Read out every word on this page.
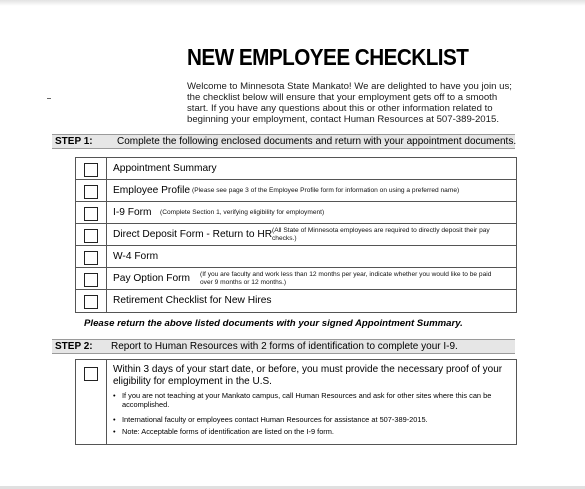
NEW EMPLOYEE CHECKLIST
Welcome to Minnesota State Mankato! We are delighted to have you join us; the checklist below will ensure that your employment gets off to a smooth start. If you have any questions about this or other information related to beginning your employment, contact Human Resources at 507-389-2015.
STEP 1: Complete the following enclosed documents and return with your appointment documents.
Appointment Summary
Employee Profile (Please see page 3 of the Employee Profile form for information on using a preferred name)
I-9 Form (Complete Section 1, verifying eligibility for employment)
Direct Deposit Form - Return to HR (All State of Minnesota employees are required to directly deposit their pay checks.)
W-4 Form
Pay Option Form (If you are faculty and work less than 12 months per year, indicate whether you would like to be paid over 9 months or 12 months.)
Retirement Checklist for New Hires
Please return the above listed documents with your signed Appointment Summary.
STEP 2: Report to Human Resources with 2 forms of identification to complete your I-9.
Within 3 days of your start date, or before, you must provide the necessary proof of your eligibility for employment in the U.S.
• If you are not teaching at your Mankato campus, call Human Resources and ask for other sites where this can be accomplished.
• International faculty or employees contact Human Resources for assistance at 507-389-2015.
• Note: Acceptable forms of identification are listed on the I-9 form.
